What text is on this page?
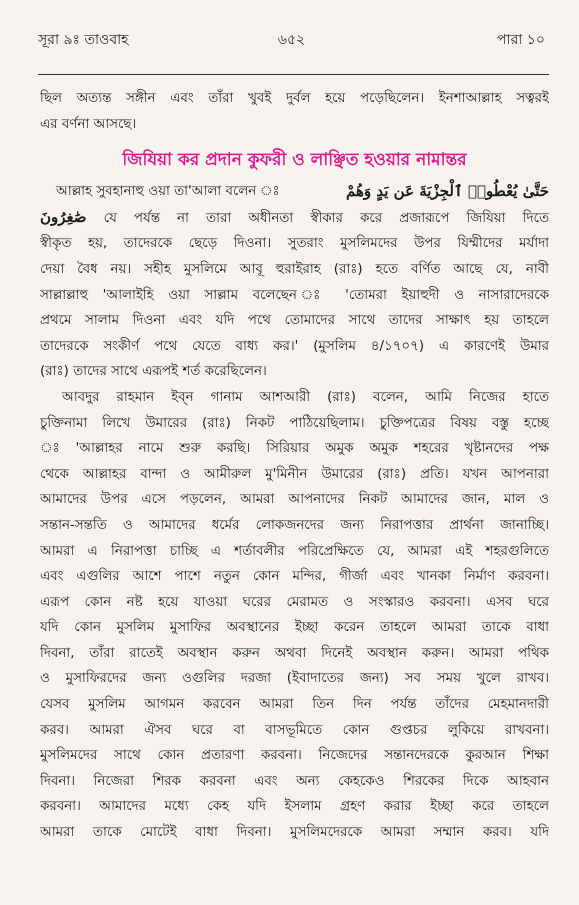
সূরা ৯ঃ তাওবাহ	৬৫২	পারা ১০
ছিল অত্যন্ত সঙ্গীন এবং তাঁরা খুবই দুর্বল হয়ে পড়েছিলেন। ইনশাআল্লাহ সত্বরই
এর বর্ণনা আসছে।
জিযিয়া কর প্রদান কুফরী ও লাঞ্ছিত হওয়ার নামান্তর
আল্লাহ সুবহানাহু ওয়া তা'আলা বলেন ঃ	حَتَّىٰ يُعْطُوا۟ ٱلْجِزْيَةَ عَن يَدٍ وَهُمْ
صَٰغِرُونَ যে পর্যন্ত না তারা অধীনতা স্বীকার করে প্রজারূপে জিযিয়া দিতে
স্বীকৃত হয়, তাদেরকে ছেড়ে দিওনা। সুতরাং মুসলিমদের উপর যিম্মীদের মর্যাদা
দেয়া বৈধ নয়। সহীহ মুসলিমে আবূ হুরাইরাহ (রাঃ) হতে বর্ণিত আছে যে, নাবী
সাল্লাল্লাহু 'আলাইহি ওয়া সাল্লাম বলেছেন ঃ 'তোমরা ইয়াহুদী ও নাসারাদেরকে
প্রথমে সালাম দিওনা এবং যদি পথে তোমাদের সাথে তাদের সাক্ষাৎ হয় তাহলে
তাদেরকে সংকীর্ণ পথে যেতে বাধ্য কর।' (মুসলিম ৪/১৭০৭) এ কারণেই উমার
(রাঃ) তাদের সাথে এরূপই শর্ত করেছিলেন।
আবদুর রাহমান ইব্ন গানাম আশআরী (রাঃ) বলেন, আমি নিজের হাতে
চুক্তিনামা লিখে উমারের (রাঃ) নিকট পাঠিয়েছিলাম। চুক্তিপত্রের বিষয় বস্তু হচ্ছে
ঃ 'আল্লাহর নামে শুরু করছি। সিরিয়ার অমুক অমুক শহরের খৃষ্টানদের পক্ষ
থেকে আল্লাহর বান্দা ও আমীরুল মু'মিনীন উমারের (রাঃ) প্রতি। যখন আপনারা
আমাদের উপর এসে পড়লেন, আমরা আপনাদের নিকট আমাদের জান, মাল ও
সন্তান-সন্ততি ও আমাদের ধর্মের লোকজনদের জন্য নিরাপত্তার প্রার্থনা জানাচ্ছি।
আমরা এ নিরাপত্তা চাচ্ছি এ শর্তাবলীর পরিপ্রেক্ষিতে যে, আমরা এই শহরগুলিতে
এবং এগুলির আশে পাশে নতুন কোন মন্দির, গীর্জা এবং খানকা নির্মাণ করবনা।
এরূপ কোন নষ্ট হয়ে যাওয়া ঘরের মেরামত ও সংস্কারও করবনা। এসব ঘরে
যদি কোন মুসলিম মুসাফির অবস্থানের ইচ্ছা করেন তাহলে আমরা তাকে বাধা
দিবনা, তাঁরা রাতেই অবস্থান করুন অথবা দিনেই অবস্থান করুন। আমরা পথিক
ও মুসাফিরদের জন্য ওগুলির দরজা (ইবাদাতের জন্য) সব সময় খুলে রাখব।
যেসব মুসলিম আগমন করবেন আমরা তিন দিন পর্যন্ত তাঁদের মেহমানদারী
করব। আমরা ঐসব ঘরে বা বাসভূমিতে কোন গুপ্তচর লুকিয়ে রাখবনা।
মুসলিমদের সাথে কোন প্রতারণা করবনা। নিজেদের সন্তানদেরকে কুরআন শিক্ষা
দিবনা। নিজেরা শিরক করবনা এবং অন্য কেহকেও শিরকের দিকে আহবান
করবনা। আমাদের মধ্যে কেহ যদি ইসলাম গ্রহণ করার ইচ্ছা করে তাহলে
আমরা তাকে মোটেই বাধা দিবনা। মুসলিমদেরকে আমরা সম্মান করব। যদি
